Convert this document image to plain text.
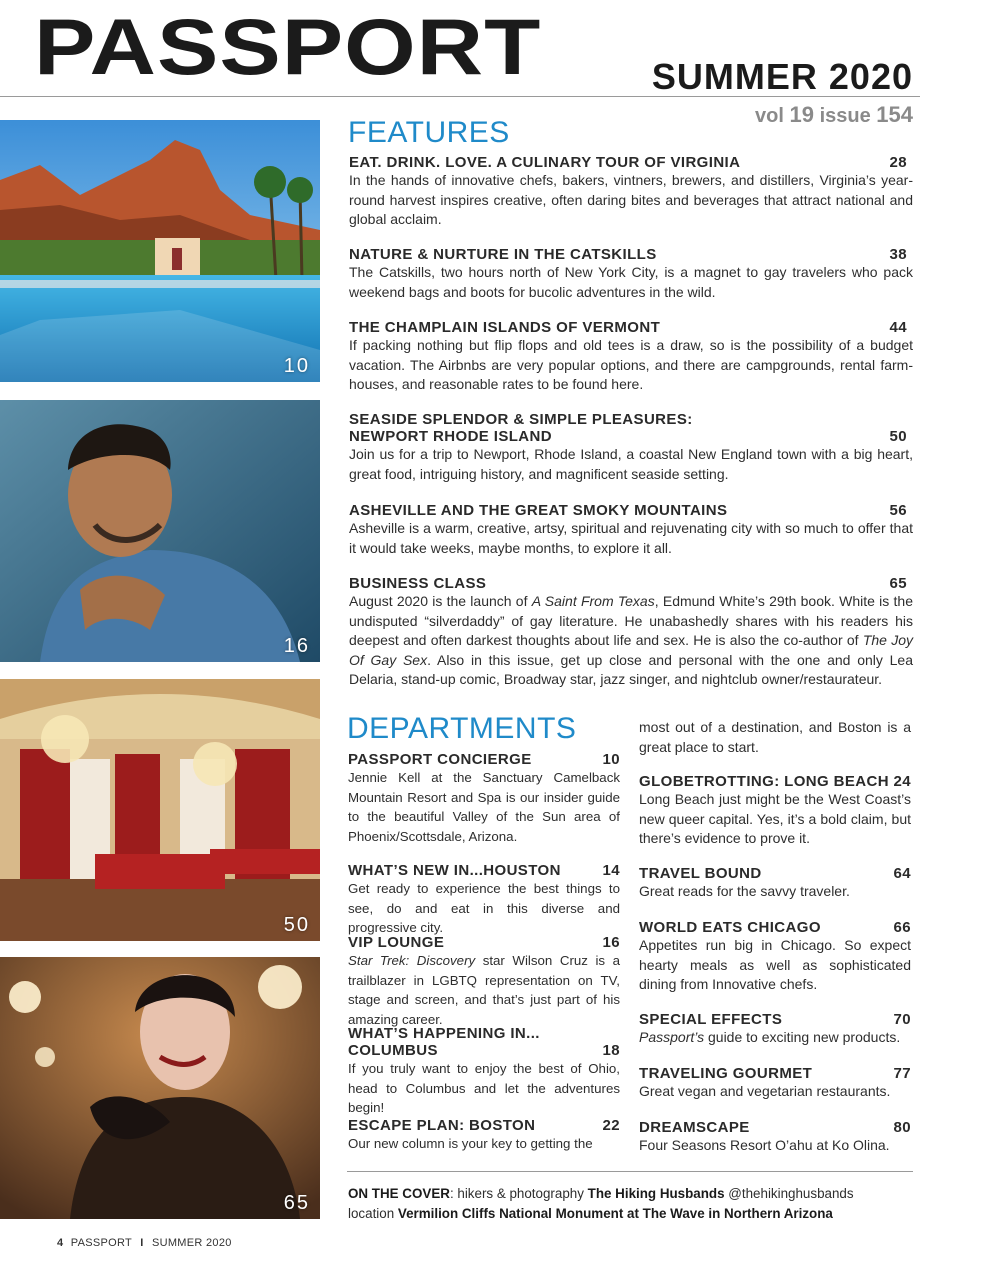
PASSPORT	SUMMER 2020
vol 19 issue 154
10
16
50
65
FEATURES
EAT. DRINK. LOVE. A CULINARY TOUR OF VIRGINIA	28
In the hands of innovative chefs, bakers, vintners, brewers, and distillers, Virginia’s year-round harvest inspires creative, often daring bites and beverages that attract national and global acclaim.
NATURE & NURTURE IN THE CATSKILLS	38
The Catskills, two hours north of New York City, is a magnet to gay travelers who pack weekend bags and boots for bucolic adventures in the wild.
THE CHAMPLAIN ISLANDS OF VERMONT	44
If packing nothing but flip flops and old tees is a draw, so is the possibility of a budget vacation. The Airbnbs are very popular options, and there are campgrounds, rental farm-houses, and reasonable rates to be found here.
SEASIDE SPLENDOR & SIMPLE PLEASURES:
NEWPORT RHODE ISLAND	50
Join us for a trip to Newport, Rhode Island, a coastal New England town with a big heart, great food, intriguing history, and magnificent seaside setting.
ASHEVILLE AND THE GREAT SMOKY MOUNTAINS	56
Asheville is a warm, creative, artsy, spiritual and rejuvenating city with so much to offer that it would take weeks, maybe months, to explore it all.
BUSINESS CLASS	65
August 2020 is the launch of A Saint From Texas, Edmund White’s 29th book. White is the undisputed “silverdaddy” of gay literature. He unabashedly shares with his readers his deepest and often darkest thoughts about life and sex. He is also the co-author of The Joy Of Gay Sex. Also in this issue, get up close and personal with the one and only Lea Delaria, stand-up comic, Broadway star, jazz singer, and nightclub owner/restaurateur.
DEPARTMENTS
PASSPORT CONCIERGE	10
Jennie Kell at the Sanctuary Camelback Mountain Resort and Spa is our insider guide to the beautiful Valley of the Sun area of Phoenix/Scottsdale, Arizona.
WHAT’S NEW IN...HOUSTON	14
Get ready to experience the best things to see, do and eat in this diverse and progressive city.
VIP LOUNGE	16
Star Trek: Discovery star Wilson Cruz is a trailblazer in LGBTQ representation on TV, stage and screen, and that’s just part of his amazing career.
WHAT’S HAPPENING IN...
COLUMBUS	18
If you truly want to enjoy the best of Ohio, head to Columbus and let the adventures begin!
ESCAPE PLAN: BOSTON	22
Our new column is your key to getting the
most out of a destination, and Boston is a great place to start.
GLOBETROTTING: LONG BEACH 24
Long Beach just might be the West Coast’s new queer capital. Yes, it’s a bold claim, but there’s evidence to prove it.
TRAVEL BOUND	64
Great reads for the savvy traveler.
WORLD EATS CHICAGO	66
Appetites run big in Chicago. So expect hearty meals as well as sophisticated dining from Innovative chefs.
SPECIAL EFFECTS	70
Passport’s guide to exciting new products.
TRAVELING GOURMET	77
Great vegan and vegetarian restaurants.
DREAMSCAPE	80
Four Seasons Resort O’ahu at Ko Olina.
ON THE COVER: hikers & photography The Hiking Husbands @thehikinghusbands
location Vermilion Cliffs National Monument at The Wave in Northern Arizona
4 PASSPORT I SUMMER 2020
